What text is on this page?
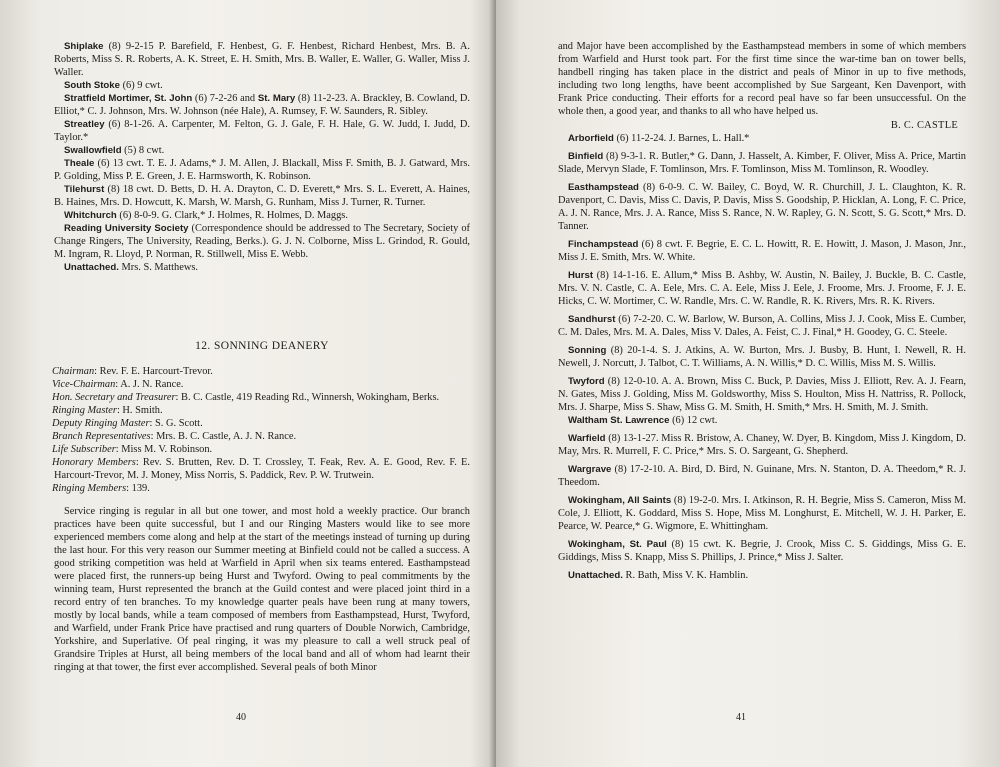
Shiplake (8) 9-2-15 P. Barefield, F. Henbest, G. F. Henbest, Richard Henbest, Mrs. B. A. Roberts, Miss S. R. Roberts, A. K. Street, E. H. Smith, Mrs. B. Waller, E. Waller, G. Waller, Miss J. Waller.

South Stoke (6) 9 cwt.

Stratfield Mortimer, St. John (6) 7-2-26 and St. Mary (8) 11-2-23. A. Brackley, B. Cowland, D. Elliot,* C. J. Johnson, Mrs. W. Johnson (née Hale), A. Rumsey, F. W. Saunders, R. Sibley.

Streatley (6) 8-1-26. A. Carpenter, M. Felton, G. J. Gale, F. H. Hale, G. W. Judd, I. Judd, D. Taylor.*

Swallowfield (5) 8 cwt.

Theale (6) 13 cwt. T. E. J. Adams,* J. M. Allen, J. Blackall, Miss F. Smith, B. J. Gatward, Mrs. P. Golding, Miss P. E. Green, J. E. Harmsworth, K. Robinson.

Tilehurst (8) 18 cwt. D. Betts, D. H. A. Drayton, C. D. Everett,* Mrs. S. L. Everett, A. Haines, B. Haines, Mrs. D. Howcutt, K. Marsh, W. Marsh, G. Runham, Miss J. Turner, R. Turner.

Whitchurch (6) 8-0-9. G. Clark,* J. Holmes, R. Holmes, D. Maggs.

Reading University Society (Correspondence should be addressed to The Secretary, Society of Change Ringers, The University, Reading, Berks.). G. J. N. Colborne, Miss L. Grindod, R. Gould, M. Ingram, R. Lloyd, P. Norman, R. Stillwell, Miss E. Webb.

Unattached. Mrs. S. Matthews.

12. SONNING DEANERY

Chairman: Rev. F. E. Harcourt-Trevor.

Vice-Chairman: A. J. N. Rance.

Hon. Secretary and Treasurer: B. C. Castle, 419 Reading Rd., Winnersh, Wokingham, Berks.

Ringing Master: H. Smith.

Deputy Ringing Master: S. G. Scott.

Branch Representatives: Mrs. B. C. Castle, A. J. N. Rance.

Life Subscriber: Miss M. V. Robinson.

Honorary Members: Rev. S. Brutten, Rev. D. T. Crossley, T. Feak, Rev. A. E. Good, Rev. F. E. Harcourt-Trevor, M. J. Money, Miss Norris, S. Paddick, Rev. P. W. Trutwein.

Ringing Members: 139.

Service ringing is regular in all but one tower, and most hold a weekly practice. Our branch practices have been quite successful, but I and our Ringing Masters would like to see more experienced members come along and help at the start of the meetings instead of turning up during the last hour. For this very reason our Summer meeting at Binfield could not be called a success. A good striking competition was held at Warfield in April when six teams entered. Easthampstead were placed first, the runners-up being Hurst and Twyford. Owing to peal commitments by the winning team, Hurst represented the branch at the Guild contest and were placed joint third in a record entry of ten branches. To my knowledge quarter peals have been rung at many towers, mostly by local bands, while a team composed of members from Easthampstead, Hurst, Twyford, and Warfield, under Frank Price have practised and rung quarters of Double Norwich, Cambridge, Yorkshire, and Superlative. Of peal ringing, it was my pleasure to call a well struck peal of Grandsire Triples at Hurst, all being members of the local band and all of whom had learnt their ringing at that tower, the first ever accomplished. Several peals of both Minor

40

and Major have been accomplished by the Easthampstead members in some of which members from Warfield and Hurst took part. For the first time since the war-time ban on tower bells, handbell ringing has taken place in the district and peals of Minor in up to five methods, including two long lengths, have beent accomplished by Sue Sargeant, Ken Davenport, with Frank Price conducting. Their efforts for a record peal have so far been unsuccessful. On the whole then, a good year, and thanks to all who have helped us.

B. C. CASTLE

Arborfield (6) 11-2-24. J. Barnes, L. Hall.*

Binfield (8) 9-3-1. R. Butler,* G. Dann, J. Hasselt, A. Kimber, F. Oliver, Miss A. Price, Martin Slade, Mervyn Slade, F. Tomlinson, Mrs. F. Tomlinson, Miss M. Tomlinson, R. Woodley.

Easthampstead (8) 6-0-9. C. W. Bailey, C. Boyd, W. R. Churchill, J. L. Claughton, K. R. Davenport, C. Davis, Miss C. Davis, P. Davis, Miss S. Goodship, P. Hicklan, A. Long, F. C. Price, A. J. N. Rance, Mrs. J. A. Rance, Miss S. Rance, N. W. Rapley, G. N. Scott, S. G. Scott,* Mrs. D. Tanner.

Finchampstead (6) 8 cwt. F. Begrie, E. C. L. Howitt, R. E. Howitt, J. Mason, J. Mason, Jnr., Miss J. E. Smith, Mrs. W. White.

Hurst (8) 14-1-16. E. Allum,* Miss B. Ashby, W. Austin, N. Bailey, J. Buckle, B. C. Castle, Mrs. V. N. Castle, C. A. Eele, Mrs. C. A. Eele, Miss J. Eele, J. Froome, Mrs. J. Froome, F. J. E. Hicks, C. W. Mortimer, C. W. Randle, Mrs. C. W. Randle, R. K. Rivers, Mrs. R. K. Rivers.

Sandhurst (6) 7-2-20. C. W. Barlow, W. Burson, A. Collins, Miss J. J. Cook, Miss E. Cumber, C. M. Dales, Mrs. M. A. Dales, Miss V. Dales, A. Feist, C. J. Final,* H. Goodey, G. C. Steele.

Sonning (8) 20-1-4. S. J. Atkins, A. W. Burton, Mrs. J. Busby, B. Hunt, I. Newell, R. H. Newell, J. Norcutt, J. Talbot, C. T. Williams, A. N. Willis,* D. C. Willis, Miss M. S. Willis.

Twyford (8) 12-0-10. A. A. Brown, Miss C. Buck, P. Davies, Miss J. Elliott, Rev. A. J. Fearn, N. Gates, Miss J. Golding, Miss M. Goldsworthy, Miss S. Houlton, Miss H. Nattriss, R. Pollock, Mrs. J. Sharpe, Miss S. Shaw, Miss G. M. Smith, H. Smith,* Mrs. H. Smith, M. J. Smith.

Waltham St. Lawrence (6) 12 cwt.

Warfield (8) 13-1-27. Miss R. Bristow, A. Chaney, W. Dyer, B. Kingdom, Miss J. Kingdom, D. May, Mrs. R. Murrell, F. C. Price,* Mrs. S. O. Sargeant, G. Shepherd.

Wargrave (8) 17-2-10. A. Bird, D. Bird, N. Guinane, Mrs. N. Stanton, D. A. Theedom,* R. J. Theedom.

Wokingham, All Saints (8) 19-2-0. Mrs. I. Atkinson, R. H. Begrie, Miss S. Cameron, Miss M. Cole, J. Elliott, K. Goddard, Miss S. Hope, Miss M. Longhurst, E. Mitchell, W. J. H. Parker, E. Pearce, W. Pearce,* G. Wigmore, E. Whittingham.

Wokingham, St. Paul (8) 15 cwt. K. Begrie, J. Crook, Miss C. S. Giddings, Miss G. E. Giddings, Miss S. Knapp, Miss S. Phillips, J. Prince,* Miss J. Salter.

Unattached. R. Bath, Miss V. K. Hamblin.

41
